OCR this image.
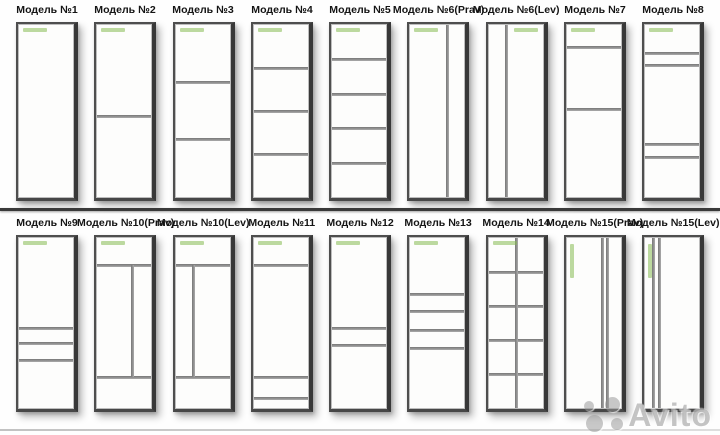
Модель №1 Модель №2 Модель №3 Модель №4 Модель №5 Модель №6(Prav)
Модель №6(Lev) Модель №7 Модель №8
Модель №9
Модель №10(Prav)
Модель №10(Lev)
Модель №11 Модель №12 Модель №13 Модель №14
Модель №15(Prav)
Модель №15(Lev)
Avito
